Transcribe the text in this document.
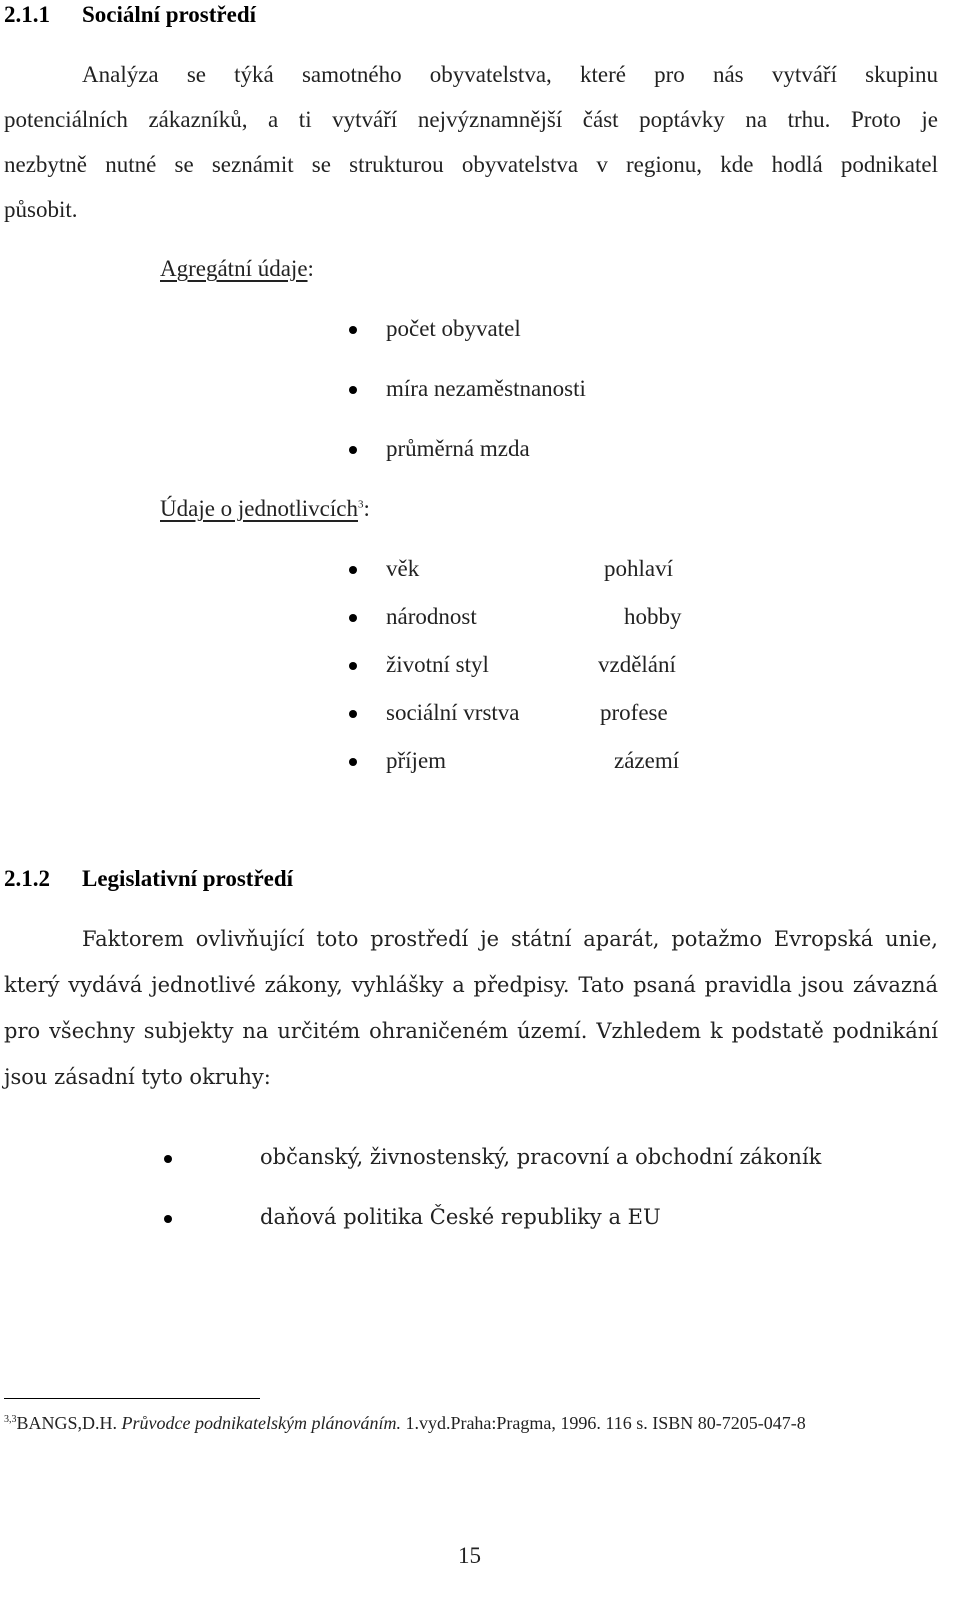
2.1.1 Sociální prostředí
Analýza se týká samotného obyvatelstva, které pro nás vytváří skupinu
potenciálních zákazníků, a ti vytváří nejvýznamnější část poptávky na trhu. Proto je
nezbytně nutné se seznámit se strukturou obyvatelstva v regionu, kde hodlá podnikatel
působit.
Agregátní údaje:
počet obyvatel
míra nezaměstnanosti
průměrná mzda
Údaje o jednotlivcích$^3$:
věk	pohlaví
národnost	hobby
životní styl	vzdělání
sociální vrstva	profese
příjem	zázemí
2.1.2 Legislativní prostředí
Faktorem ovlivňující toto prostředí je státní aparát, potažmo Evropská unie,
který vydává jednotlivé zákony, vyhlášky a předpisy. Tato psaná pravidla jsou závazná
pro všechny subjekty na určitém ohraničeném území. Vzhledem k podstatě podnikání
jsou zásadní tyto okruhy:
občanský, živnostenský, pracovní a obchodní zákoník
daňová politika České republiky a EU
$^{3,3}$BANGS,D.H. Průvodce podnikatelským plánováním. 1.vyd.Praha:Pragma, 1996. 116 s. ISBN 80-7205-047-8
15
